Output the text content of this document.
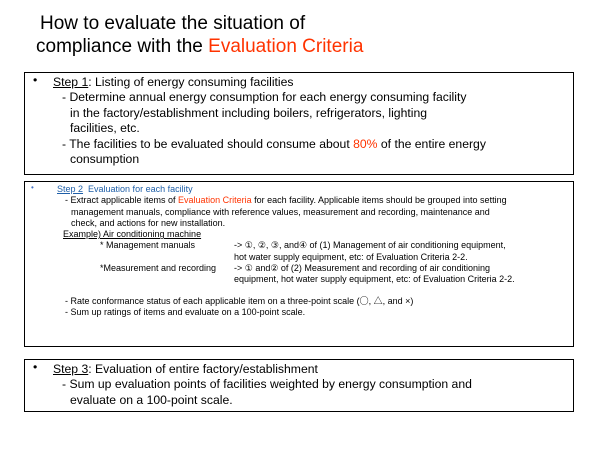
How to evaluate the situation of
compliance with the Evaluation Criteria
•	Step 1: Listing of energy consuming facilities
- Determine annual energy consumption for each energy consuming facility
in the factory/establishment including boilers, refrigerators, lighting
facilities, etc.
- The facilities to be evaluated should consume about 80% of the entire energy
consumption
•	Step 2  Evaluation for each facility
- Extract applicable items of Evaluation Criteria for each facility. Applicable items should be grouped into setting
management manuals, compliance with reference values, measurement and recording, maintenance and
check, and actions for new installation.
Example) Air conditioning machine
* Management manuals	-> ①, ②, ③, and④ of (1) Management of air conditioning equipment,
hot water supply equipment, etc: of Evaluation Criteria 2-2.
*Measurement and recording	-> ① and② of (2) Measurement and recording of air conditioning
equipment, hot water supply equipment, etc: of Evaluation Criteria 2-2.
- Rate conformance status of each applicable item on a three-point scale (〇, △, and ×)
- Sum up ratings of items and evaluate on a 100-point scale.
•	Step 3: Evaluation of entire factory/establishment
- Sum up evaluation points of facilities weighted by energy consumption and
evaluate on a 100-point scale.
